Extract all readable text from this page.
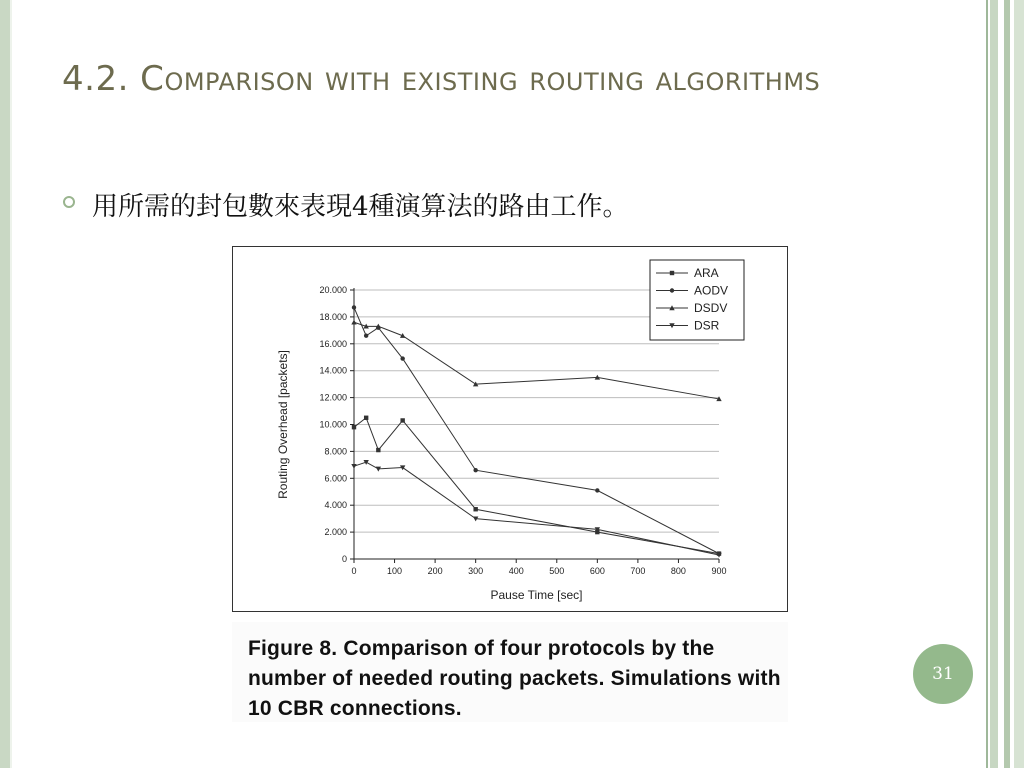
4.2. Comparison with existing routing algorithms
用所需的封包數來表現4種演算法的路由工作。
0
2.000
4.000
6.000
8.000
10.000
12.000
14.000
16.000
18.000
20.000
0	100	200	300	400	500	600	700	800	900
Pause Time [sec]
Routing Overhead [packets]
ARA
AODV
DSDV
DSR

Figure 8. Comparison of four protocols by the number of needed routing packets. Simulations with 10 CBR connections.

31
